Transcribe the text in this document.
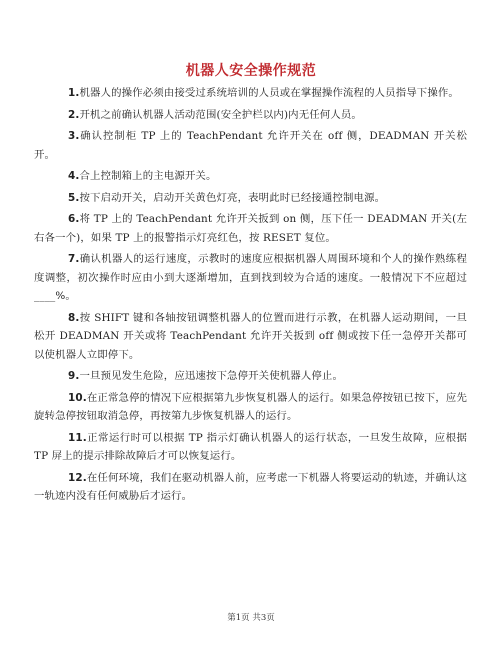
机器人安全操作规范

1.机器人的操作必须由接受过系统培训的人员或在掌握操作流程的人员指导下操作。

2.开机之前确认机器人活动范围(安全护栏以内)内无任何人员。

3.确认控制柜 TP 上的 TeachPendant 允许开关在 off 侧，DEADMAN 开关松开。

4.合上控制箱上的主电源开关。

5.按下启动开关，启动开关黄色灯亮，表明此时已经接通控制电源。

6.将 TP 上的 TeachPendant 允许开关扳到 on 侧，压下任一 DEADMAN 开关(左右各一个)，如果 TP 上的报警指示灯亮红色，按 RESET 复位。

7.确认机器人的运行速度，示教时的速度应根据机器人周围环境和个人的操作熟练程度调整，初次操作时应由小到大逐渐增加，直到找到较为合适的速度。一般情况下不应超过____%。

8.按 SHIFT 键和各轴按钮调整机器人的位置而进行示教，在机器人运动期间，一旦松开 DEADMAN 开关或将 TeachPendant 允许开关扳到 off 侧或按下任一急停开关都可以使机器人立即停下。

9.一旦预见发生危险，应迅速按下急停开关使机器人停止。

10.在正常急停的情况下应根据第九步恢复机器人的运行。如果急停按钮已按下，应先旋转急停按钮取消急停，再按第九步恢复机器人的运行。

11.正常运行时可以根据 TP 指示灯确认机器人的运行状态，一旦发生故障，应根据 TP 屏上的提示排除故障后才可以恢复运行。

12.在任何环境，我们在驱动机器人前，应考虑一下机器人将要运动的轨迹，并确认这一轨迹内没有任何威胁后才运行。

第1页 共3页
